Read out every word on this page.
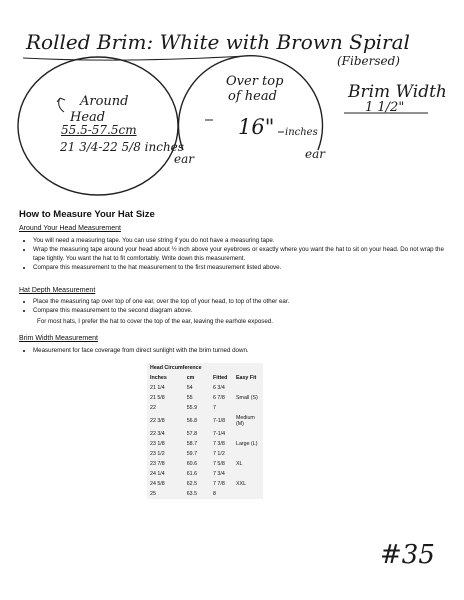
Rolled Brim: White with Brown Spiral
(Fibersed)
Around
Head
55.5-57.5cm
21 3/4-22 5/8 inches
Over top
of head
16" inches
ear	ear
Brim Width
1 1/2"
How to Measure Your Hat Size
Around Your Head Measurement
• You will need a measuring tape. You can use string if you do not have a measuring tape.
• Wrap the measuring tape around your head about ½ inch above your eyebrows or exactly where you want the hat to sit on your head. Do not wrap the tape tightly. You want the hat to fit comfortably. Write down this measurement.
• Compare this measurement to the hat measurement to the first measurement listed above.
Hat Depth Measurement
• Place the measuring tap over top of one ear, over the top of your head, to top of the other ear.
• Compare this measurement to the second diagram above.
For most hats, I prefer the hat to cover the top of the ear, leaving the earhole exposed.
Brim Width Measurement
• Measurement for face coverage from direct sunlight with the brim turned down.
Head Circumference			
Inches	cm	Fitted	Easy Fit
21 1/4	54	6 3/4	
21 5/8	55	6 7/8	Small (S)
22	55.9	7	
22 3/8	56.8	7-1/8	Medium (M)
22 3/4	57.8	7-1/4	
23 1/8	58.7	7 3/8	Large (L)
23 1/2	59.7	7 1/2	
23 7/8	60.6	7 5/8	XL
24 1/4	61.6	7 3/4	
24 5/8	62.5	7 7/8	XXL
25	63.5	8	
#35
